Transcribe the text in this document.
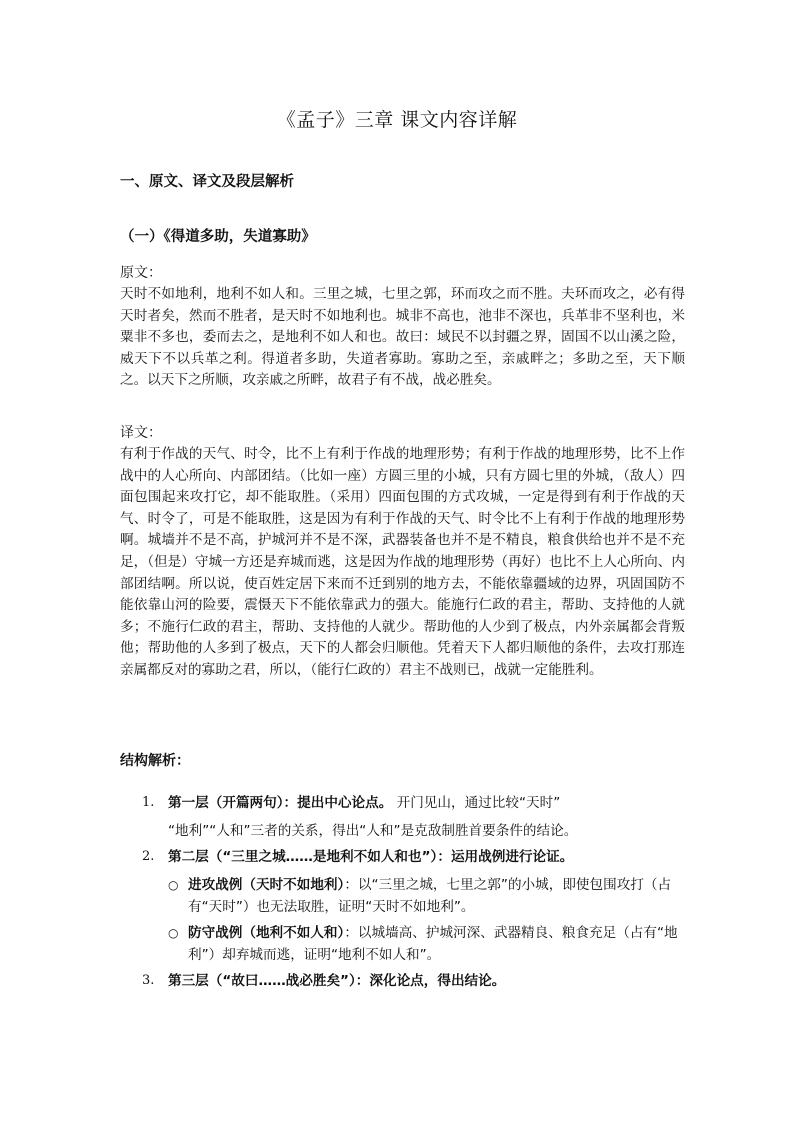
《孟子》三章 课文内容详解
一、原文、译文及段层解析
（一）《得道多助，失道寡助》

原文：

天时不如地利，地利不如人和。三里之城，七里之郭，环而攻之而不胜。夫环而攻之，必有得天时者矣，然而不胜者，是天时不如地利也。城非不高也，池非不深也，兵革非不坚利也，米粟非不多也，委而去之，是地利不如人和也。故曰：域民不以封疆之界，固国不以山溪之险，威天下不以兵革之利。得道者多助，失道者寡助。寡助之至，亲戚畔之；多助之至，天下顺之。以天下之所顺，攻亲戚之所畔，故君子有不战，战必胜矣。

译文：

有利于作战的天气、时令，比不上有利于作战的地理形势；有利于作战的地理形势，比不上作战中的人心所向、内部团结。（比如一座）方圆三里的小城，只有方圆七里的外城，（敌人）四面包围起来攻打它，却不能取胜。（采用）四面包围的方式攻城，一定是得到有利于作战的天气、时令了，可是不能取胜，这是因为有利于作战的天气、时令比不上有利于作战的地理形势啊。城墙并不是不高，护城河并不是不深，武器装备也并不是不精良，粮食供给也并不是不充足，（但是）守城一方还是弃城而逃，这是因为作战的地理形势（再好）也比不上人心所向、内部团结啊。所以说，使百姓定居下来而不迁到别的地方去，不能依靠疆域的边界，巩固国防不能依靠山河的险要，震慑天下不能依靠武力的强大。能施行仁政的君主，帮助、支持他的人就多；不施行仁政的君主，帮助、支持他的人就少。帮助他的人少到了极点，内外亲属都会背叛他；帮助他的人多到了极点，天下的人都会归顺他。凭着天下人都归顺他的条件，去攻打那连亲属都反对的寡助之君，所以，（能行仁政的）君主不战则已，战就一定能胜利。

结构解析：

1. 第一层（开篇两句）：提出中心论点。 开门见山，通过比较“天时”
“地利”“人和”三者的关系，得出“人和”是克敌制胜首要条件的结论。
2. 第二层（“三里之城……是地利不如人和也”）：运用战例进行论证。
○ 进攻战例（天时不如地利）：以“三里之城，七里之郭”的小城，即使包围攻打（占有“天时”）也无法取胜，证明“天时不如地利”。
○ 防守战例（地利不如人和）：以城墙高、护城河深、武器精良、粮食充足（占有“地利”）却弃城而逃，证明“地利不如人和”。
3. 第三层（“故曰……战必胜矣”）：深化论点，得出结论。
